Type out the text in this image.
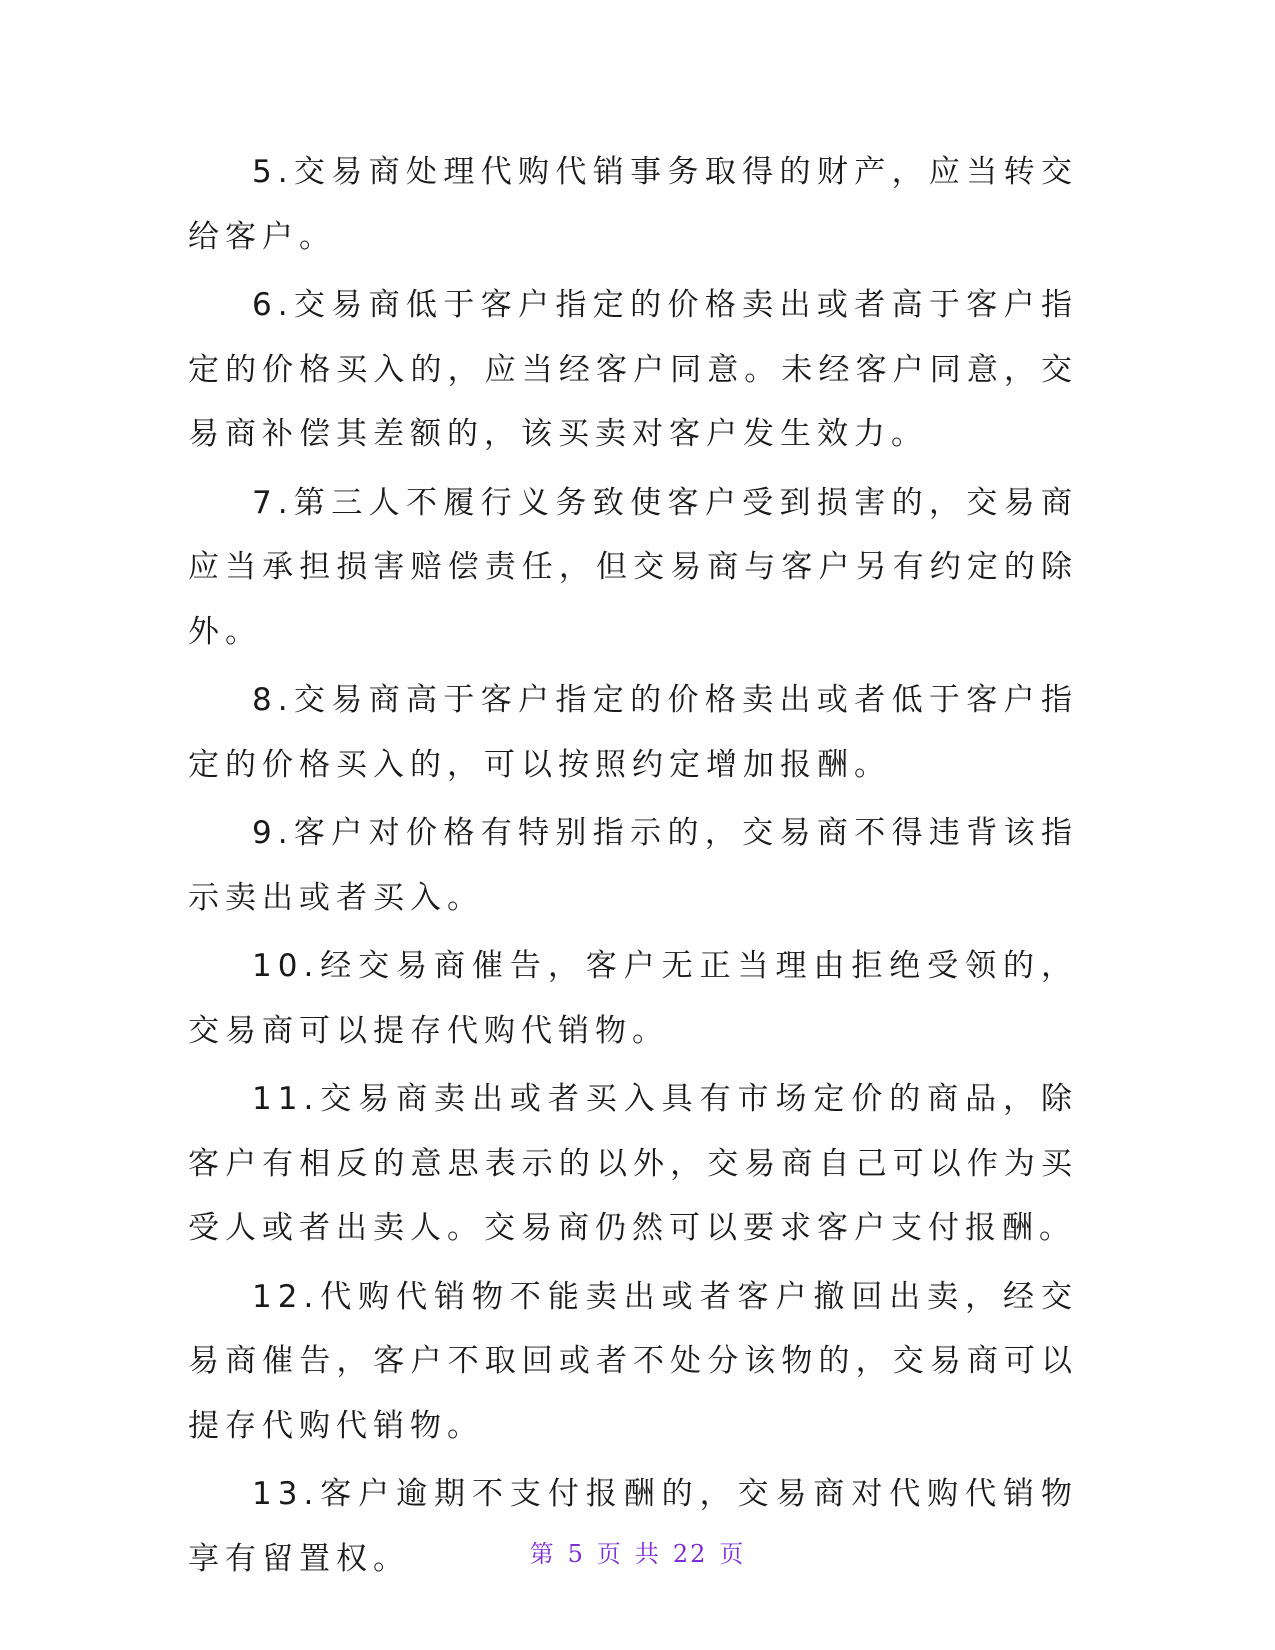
5.交易商处理代购代销事务取得的财产，应当转交给客户。

6.交易商低于客户指定的价格卖出或者高于客户指定的价格买入的，应当经客户同意。未经客户同意，交易商补偿其差额的，该买卖对客户发生效力。

7.第三人不履行义务致使客户受到损害的，交易商应当承担损害赔偿责任，但交易商与客户另有约定的除外。

8.交易商高于客户指定的价格卖出或者低于客户指定的价格买入的，可以按照约定增加报酬。

9.客户对价格有特别指示的，交易商不得违背该指示卖出或者买入。

10.经交易商催告，客户无正当理由拒绝受领的，交易商可以提存代购代销物。

11.交易商卖出或者买入具有市场定价的商品，除客户有相反的意思表示的以外，交易商自己可以作为买受人或者出卖人。交易商仍然可以要求客户支付报酬。

12.代购代销物不能卖出或者客户撤回出卖，经交易商催告，客户不取回或者不处分该物的，交易商可以提存代购代销物。

13.客户逾期不支付报酬的，交易商对代购代销物享有留置权。	第 5 页 共 22 页
